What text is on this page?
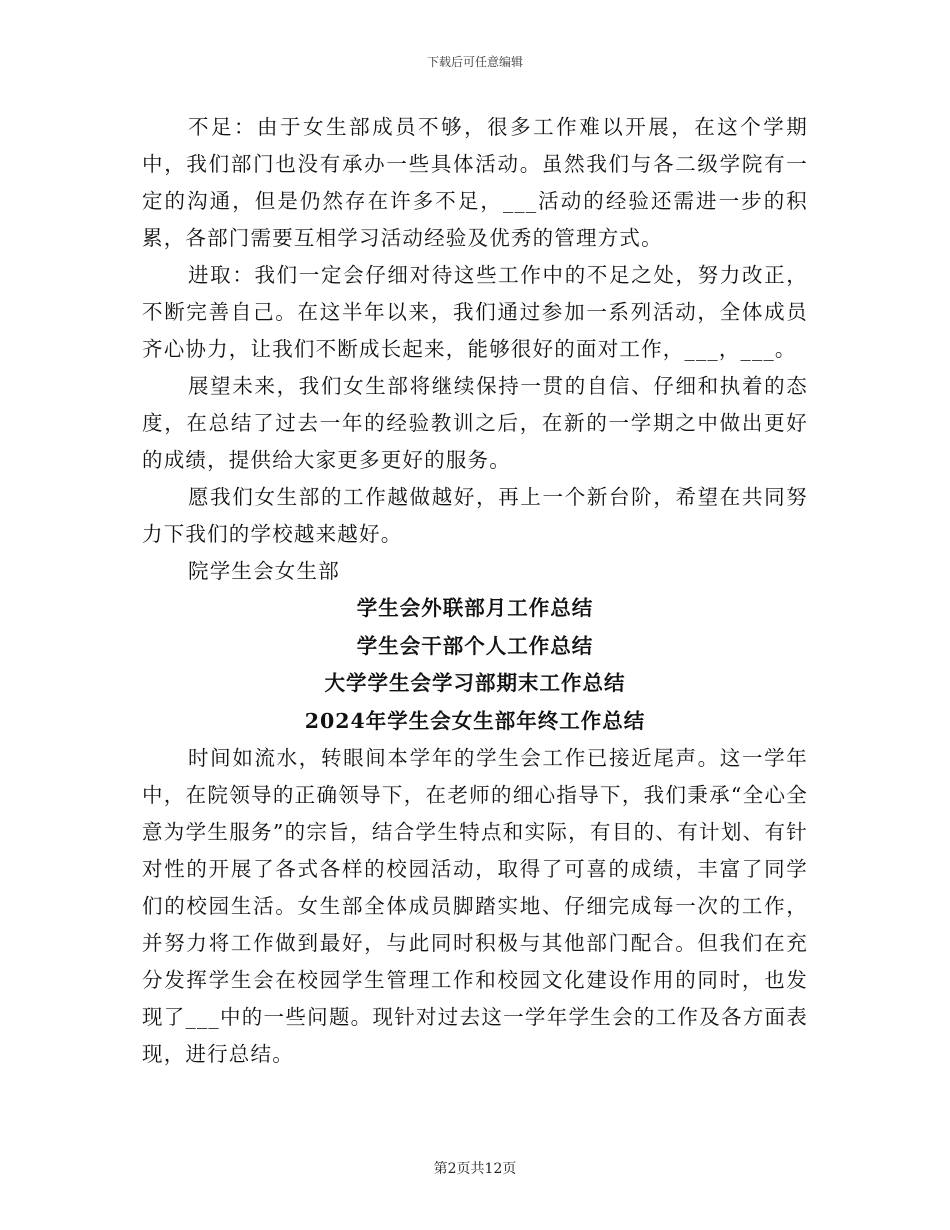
下载后可任意编辑

不足：由于女生部成员不够，很多工作难以开展，在这个学期中，我们部门也没有承办一些具体活动。虽然我们与各二级学院有一定的沟通，但是仍然存在许多不足，___活动的经验还需进一步的积累，各部门需要互相学习活动经验及优秀的管理方式。

进取：我们一定会仔细对待这些工作中的不足之处，努力改正，不断完善自己。在这半年以来，我们通过参加一系列活动，全体成员齐心协力，让我们不断成长起来，能够很好的面对工作，___，___。

展望未来，我们女生部将继续保持一贯的自信、仔细和执着的态度，在总结了过去一年的经验教训之后，在新的一学期之中做出更好的成绩，提供给大家更多更好的服务。

愿我们女生部的工作越做越好，再上一个新台阶，希望在共同努力下我们的学校越来越好。

院学生会女生部

学生会外联部月工作总结

学生会干部个人工作总结

大学学生会学习部期末工作总结

2024年学生会女生部年终工作总结

时间如流水，转眼间本学年的学生会工作已接近尾声。这一学年中，在院领导的正确领导下，在老师的细心指导下，我们秉承“全心全意为学生服务”的宗旨，结合学生特点和实际，有目的、有计划、有针对性的开展了各式各样的校园活动，取得了可喜的成绩，丰富了同学们的校园生活。女生部全体成员脚踏实地、仔细完成每一次的工作，并努力将工作做到最好，与此同时积极与其他部门配合。但我们在充分发挥学生会在校园学生管理工作和校园文化建设作用的同时，也发现了___中的一些问题。现针对过去这一学年学生会的工作及各方面表现，进行总结。

第2页共12页
